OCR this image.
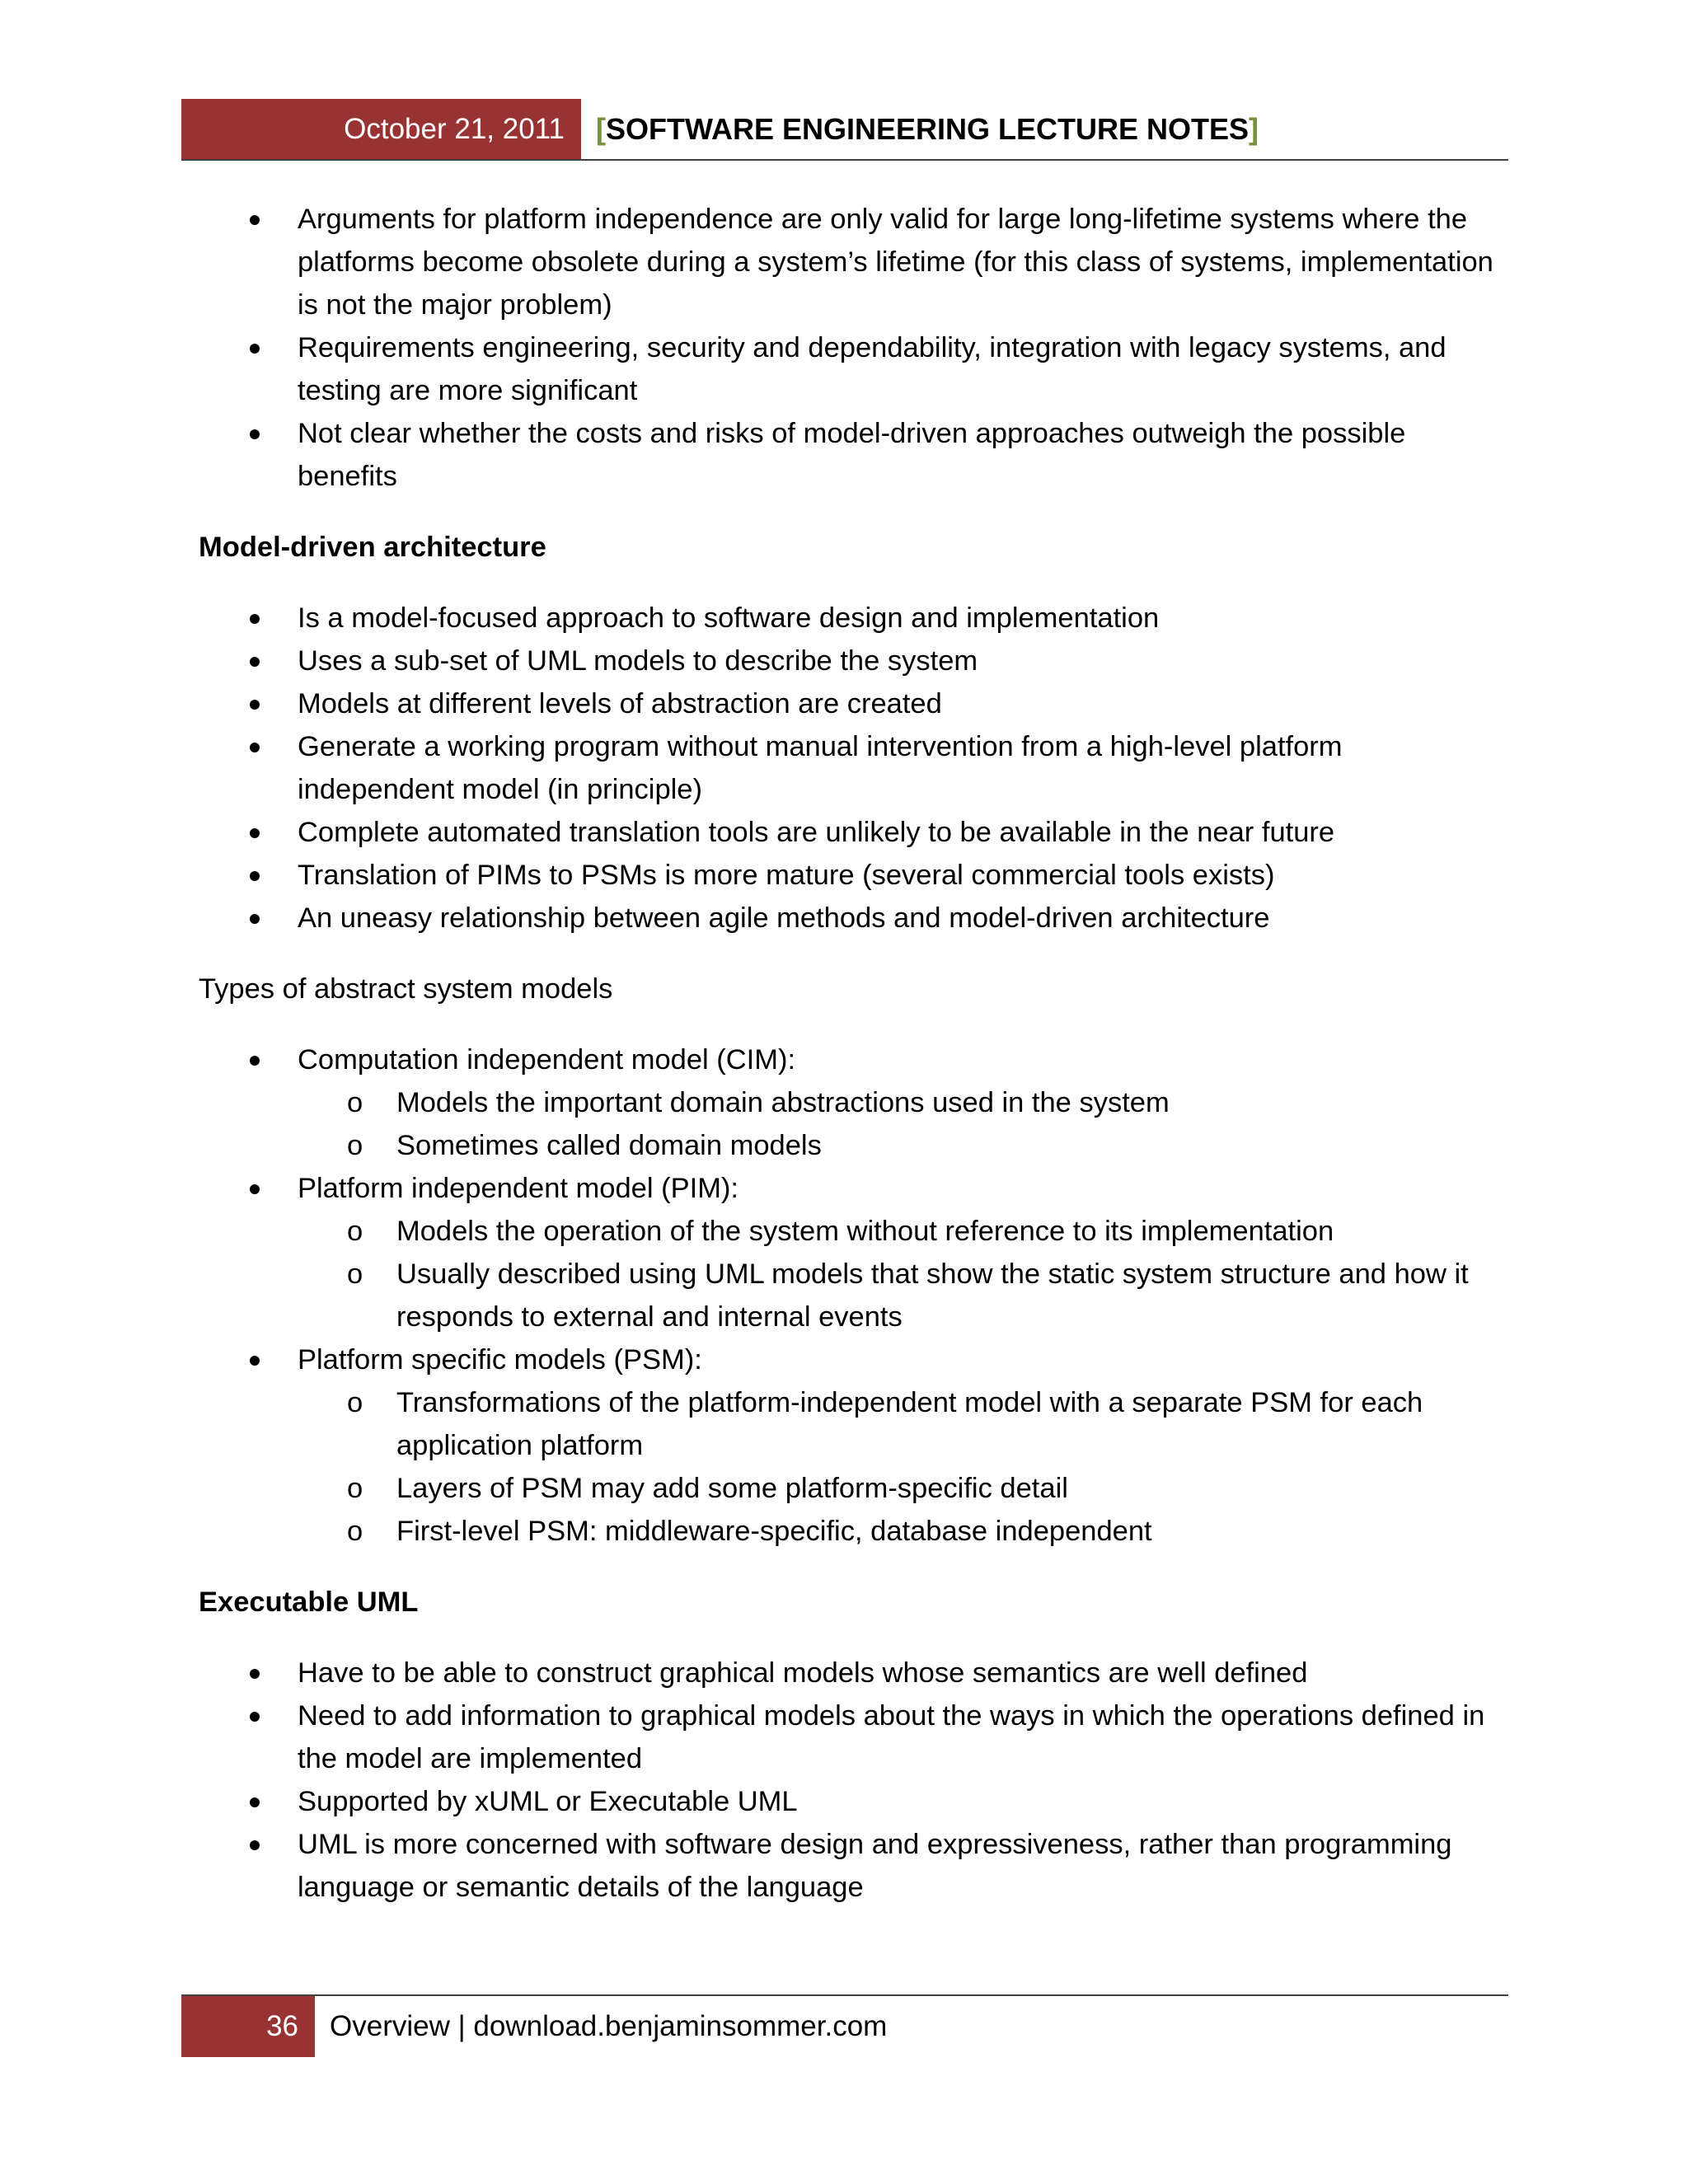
October 21, 2011	[SOFTWARE ENGINEERING LECTURE NOTES]
Arguments for platform independence are only valid for large long-lifetime systems where the platforms become obsolete during a system’s lifetime (for this class of systems, implementation is not the major problem)
Requirements engineering, security and dependability, integration with legacy systems, and testing are more significant
Not clear whether the costs and risks of model-driven approaches outweigh the possible benefits
Model-driven architecture
Is a model-focused approach to software design and implementation
Uses a sub-set of UML models to describe the system
Models at different levels of abstraction are created
Generate a working program without manual intervention from a high-level platform independent model (in principle)
Complete automated translation tools are unlikely to be available in the near future
Translation of PIMs to PSMs is more mature (several commercial tools exists)
An uneasy relationship between agile methods and model-driven architecture
Types of abstract system models
Computation independent model (CIM):
o Models the important domain abstractions used in the system
o Sometimes called domain models
Platform independent model (PIM):
o Models the operation of the system without reference to its implementation
o Usually described using UML models that show the static system structure and how it responds to external and internal events
Platform specific models (PSM):
o Transformations of the platform-independent model with a separate PSM for each application platform
o Layers of PSM may add some platform-specific detail
o First-level PSM: middleware-specific, database independent
Executable UML
Have to be able to construct graphical models whose semantics are well defined
Need to add information to graphical models about the ways in which the operations defined in the model are implemented
Supported by xUML or Executable UML
UML is more concerned with software design and expressiveness, rather than programming language or semantic details of the language
36	Overview | download.benjaminsommer.com
